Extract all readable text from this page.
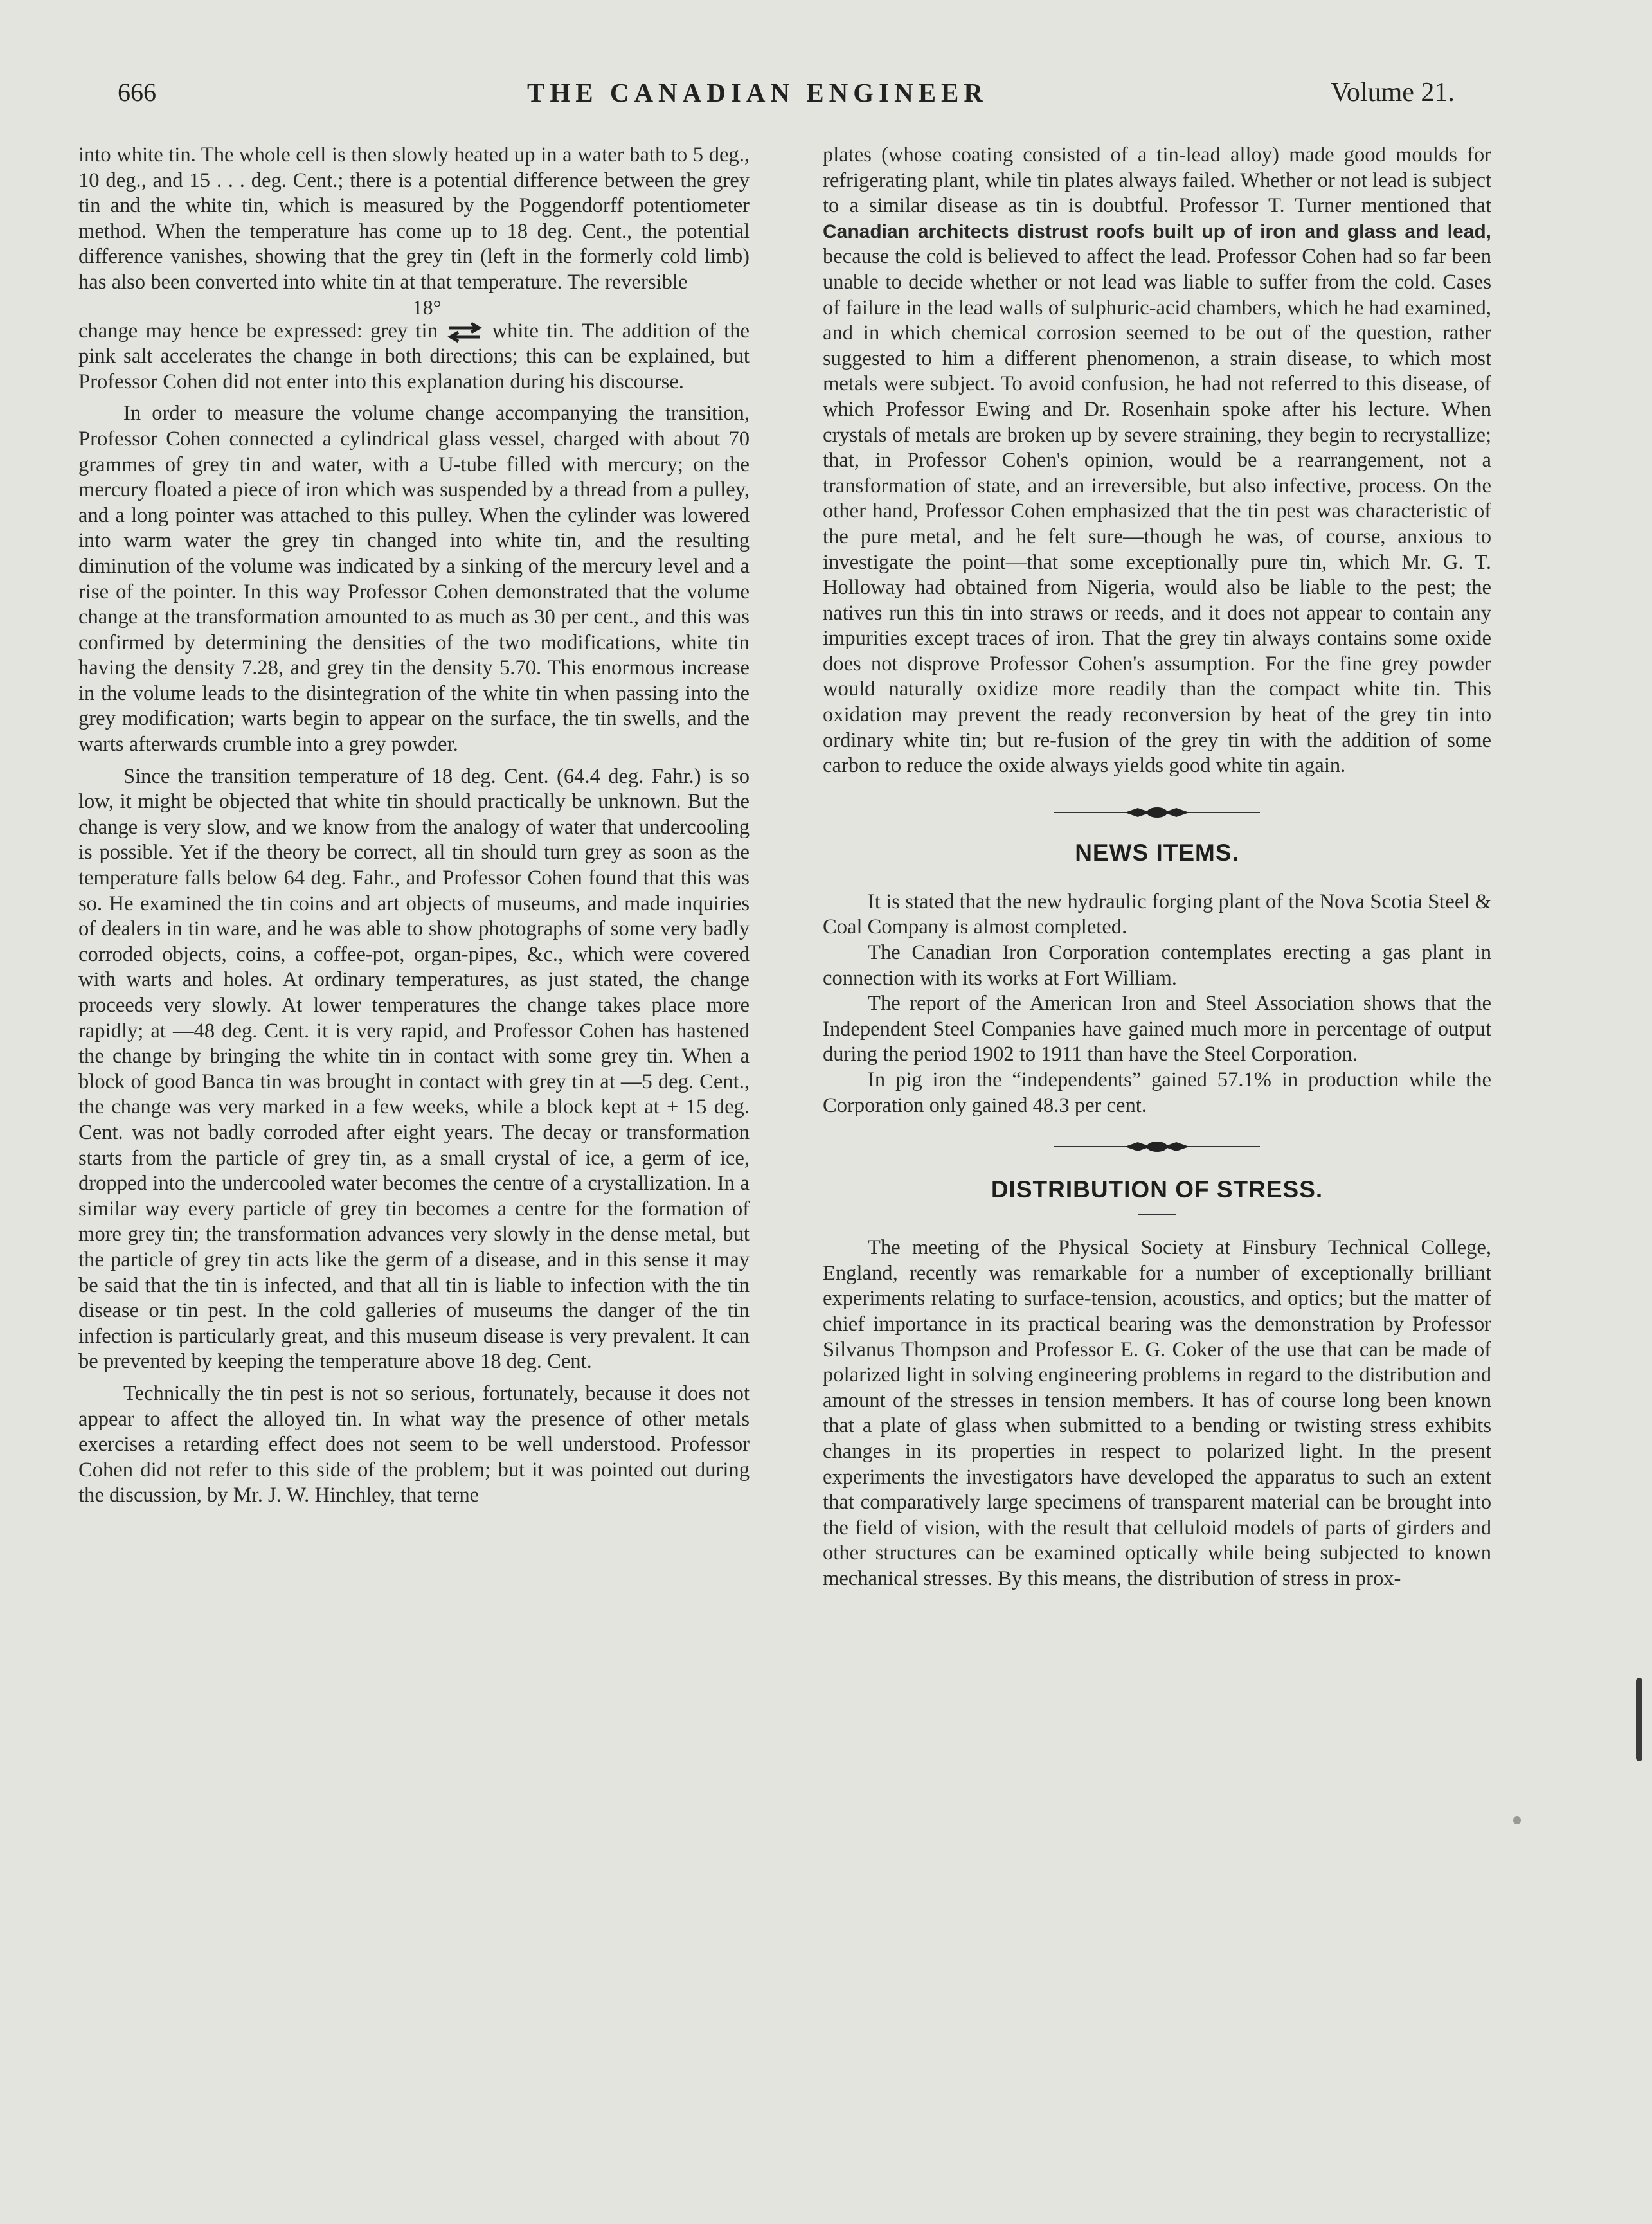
666	THE CANADIAN ENGINEER	Volume 21.

into white tin. The whole cell is then slowly heated up in a water bath to 5 deg., 10 deg., and 15 . . . deg. Cent.; there is a potential difference between the grey tin and the white tin, which is measured by the Poggendorff potentiometer method. When the temperature has come up to 18 deg. Cent., the potential difference vanishes, showing that the grey tin (left in the formerly cold limb) has also been converted into white tin at that temperature. The reversible

18°

change may hence be expressed: grey tin ⇌ white tin. The addition of the pink salt accelerates the change in both directions; this can be explained, but Professor Cohen did not enter into this explanation during his discourse.

In order to measure the volume change accompanying the transition, Professor Cohen connected a cylindrical glass vessel, charged with about 70 grammes of grey tin and water, with a U-tube filled with mercury; on the mercury floated a piece of iron which was suspended by a thread from a pulley, and a long pointer was attached to this pulley. When the cylinder was lowered into warm water the grey tin changed into white tin, and the resulting diminution of the volume was indicated by a sinking of the mercury level and a rise of the pointer. In this way Professor Cohen demonstrated that the volume change at the transformation amounted to as much as 30 per cent., and this was confirmed by determining the densities of the two modifications, white tin having the density 7.28, and grey tin the density 5.70. This enormous increase in the volume leads to the disintegration of the white tin when passing into the grey modification; warts begin to appear on the surface, the tin swells, and the warts afterwards crumble into a grey powder.

Since the transition temperature of 18 deg. Cent. (64.4 deg. Fahr.) is so low, it might be objected that white tin should practically be unknown. But the change is very slow, and we know from the analogy of water that undercooling is possible. Yet if the theory be correct, all tin should turn grey as soon as the temperature falls below 64 deg. Fahr., and Professor Cohen found that this was so. He examined the tin coins and art objects of museums, and made inquiries of dealers in tin ware, and he was able to show photographs of some very badly corroded objects, coins, a coffee-pot, organ-pipes, &c., which were covered with warts and holes. At ordinary temperatures, as just stated, the change proceeds very slowly. At lower temperatures the change takes place more rapidly; at —48 deg. Cent. it is very rapid, and Professor Cohen has hastened the change by bringing the white tin in contact with some grey tin. When a block of good Banca tin was brought in contact with grey tin at —5 deg. Cent., the change was very marked in a few weeks, while a block kept at + 15 deg. Cent. was not badly corroded after eight years. The decay or transformation starts from the particle of grey tin, as a small crystal of ice, a germ of ice, dropped into the undercooled water becomes the centre of a crystallization. In a similar way every particle of grey tin becomes a centre for the formation of more grey tin; the transformation advances very slowly in the dense metal, but the particle of grey tin acts like the germ of a disease, and in this sense it may be said that the tin is infected, and that all tin is liable to infection with the tin disease or tin pest. In the cold galleries of museums the danger of the tin infection is particularly great, and this museum disease is very prevalent. It can be prevented by keeping the temperature above 18 deg. Cent.

Technically the tin pest is not so serious, fortunately, because it does not appear to affect the alloyed tin. In what way the presence of other metals exercises a retarding effect does not seem to be well understood. Professor Cohen did not refer to this side of the problem; but it was pointed out during the discussion, by Mr. J. W. Hinchley, that terne

plates (whose coating consisted of a tin-lead alloy) made good moulds for refrigerating plant, while tin plates always failed. Whether or not lead is subject to a similar disease as tin is doubtful. Professor T. Turner mentioned that Canadian architects distrust roofs built up of iron and glass and lead, because the cold is believed to affect the lead. Professor Cohen had so far been unable to decide whether or not lead was liable to suffer from the cold. Cases of failure in the lead walls of sulphuric-acid chambers, which he had examined, and in which chemical corrosion seemed to be out of the question, rather suggested to him a different phenomenon, a strain disease, to which most metals were subject. To avoid confusion, he had not referred to this disease, of which Professor Ewing and Dr. Rosenhain spoke after his lecture. When crystals of metals are broken up by severe straining, they begin to recrystallize; that, in Professor Cohen's opinion, would be a rearrangement, not a transformation of state, and an irreversible, but also infective, process. On the other hand, Professor Cohen emphasized that the tin pest was characteristic of the pure metal, and he felt sure—though he was, of course, anxious to investigate the point—that some exceptionally pure tin, which Mr. G. T. Holloway had obtained from Nigeria, would also be liable to the pest; the natives run this tin into straws or reeds, and it does not appear to contain any impurities except traces of iron. That the grey tin always contains some oxide does not disprove Professor Cohen's assumption. For the fine grey powder would naturally oxidize more readily than the compact white tin. This oxidation may prevent the ready reconversion by heat of the grey tin into ordinary white tin; but re-fusion of the grey tin with the addition of some carbon to reduce the oxide always yields good white tin again.

NEWS ITEMS.

It is stated that the new hydraulic forging plant of the Nova Scotia Steel & Coal Company is almost completed.

The Canadian Iron Corporation contemplates erecting a gas plant in connection with its works at Fort William.

The report of the American Iron and Steel Association shows that the Independent Steel Companies have gained much more in percentage of output during the period 1902 to 1911 than have the Steel Corporation.

In pig iron the “independents” gained 57.1% in production while the Corporation only gained 48.3 per cent.

DISTRIBUTION OF STRESS.

The meeting of the Physical Society at Finsbury Technical College, England, recently was remarkable for a number of exceptionally brilliant experiments relating to surface-tension, acoustics, and optics; but the matter of chief importance in its practical bearing was the demonstration by Professor Silvanus Thompson and Professor E. G. Coker of the use that can be made of polarized light in solving engineering problems in regard to the distribution and amount of the stresses in tension members. It has of course long been known that a plate of glass when submitted to a bending or twisting stress exhibits changes in its properties in respect to polarized light. In the present experiments the investigators have developed the apparatus to such an extent that comparatively large specimens of transparent material can be brought into the field of vision, with the result that celluloid models of parts of girders and other structures can be examined optically while being subjected to known mechanical stresses. By this means, the distribution of stress in prox-
